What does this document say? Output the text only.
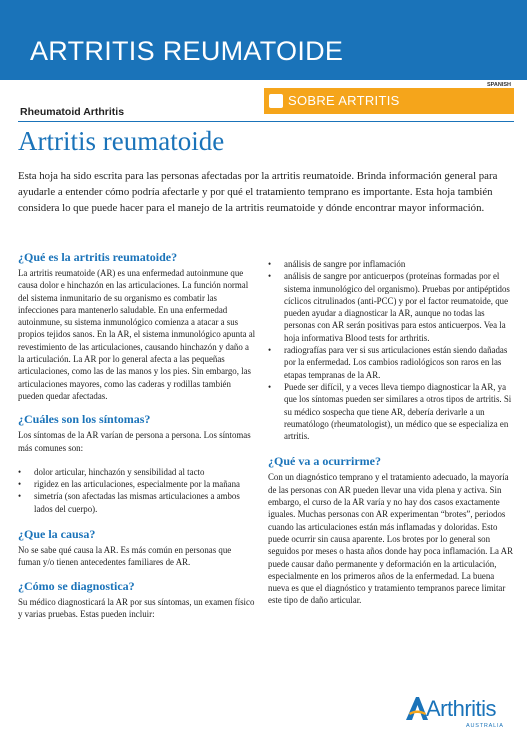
ARTRITIS REUMATOIDE
SPANISH
SOBRE ARTRITIS
Rheumatoid Arthritis
Artritis reumatoide

Esta hoja ha sido escrita para las personas afectadas por la artritis reumatoide. Brinda información general para ayudarle a entender cómo podría afectarle y por qué el tratamiento temprano es importante. Esta hoja también considera lo que puede hacer para el manejo de la artritis reumatoide y dónde encontrar mayor información.

¿Qué es la artritis reumatoide?

La artritis reumatoide (AR) es una enfermedad autoinmune que causa dolor e hinchazón en las articulaciones. La función normal del sistema inmunitario de su organismo es combatir las infecciones para mantenerlo saludable. En una enfermedad autoinmune, su sistema inmunológico comienza a atacar a sus propios tejidos sanos. En la AR, el sistema inmunológico apunta al revestimiento de las articulaciones, causando hinchazón y daño a la articulación. La AR por lo general afecta a las pequeñas articulaciones, como las de las manos y los pies. Sin embargo, las articulaciones mayores, como las caderas y rodillas también pueden quedar afectadas.

¿Cuáles son los síntomas?

Los síntomas de la AR varían de persona a persona. Los síntomas más comunes son:

• dolor articular, hinchazón y sensibilidad al tacto
• rigidez en las articulaciones, especialmente por la mañana
• simetría (son afectadas las mismas articulaciones a ambos lados del cuerpo).
¿Que la causa?

No se sabe qué causa la AR. Es más común en personas que fuman y/o tienen antecedentes familiares de AR.

¿Cómo se diagnostica?

Su médico diagnosticará la AR por sus síntomas, un examen físico y varias pruebas. Estas pueden incluir:

• análisis de sangre por inflamación
• análisis de sangre por anticuerpos (proteínas formadas por el sistema inmunológico del organismo). Pruebas por antipéptidos cíclicos citrulinados (anti-PCC) y por el factor reumatoide, que pueden ayudar a diagnosticar la AR, aunque no todas las personas con AR serán positivas para estos anticuerpos. Vea la hoja informativa Blood tests for arthritis.
• radiografías para ver si sus articulaciones están siendo dañadas por la enfermedad. Los cambios radiológicos son raros en las etapas tempranas de la AR.
• Puede ser difícil, y a veces lleva tiempo diagnosticar la AR, ya que los síntomas pueden ser similares a otros tipos de artritis. Si su médico sospecha que tiene AR, debería derivarle a un reumatólogo (rheumatologist), un médico que se especializa en artritis.
¿Qué va a ocurrirme?

Con un diagnóstico temprano y el tratamiento adecuado, la mayoría de las personas con AR pueden llevar una vida plena y activa. Sin embargo, el curso de la AR varía y no hay dos casos exactamente iguales. Muchas personas con AR experimentan “brotes”, periodos cuando las articulaciones están más inflamadas y doloridas. Esto puede ocurrir sin causa aparente. Los brotes por lo general son seguidos por meses o hasta años donde hay poca inflamación. La AR puede causar daño permanente y deformación en la articulación, especialmente en los primeros años de la enfermedad. La buena nueva es que el diagnóstico y tratamiento tempranos parece limitar este tipo de daño articular.

Arthritis
AUSTRALIA
